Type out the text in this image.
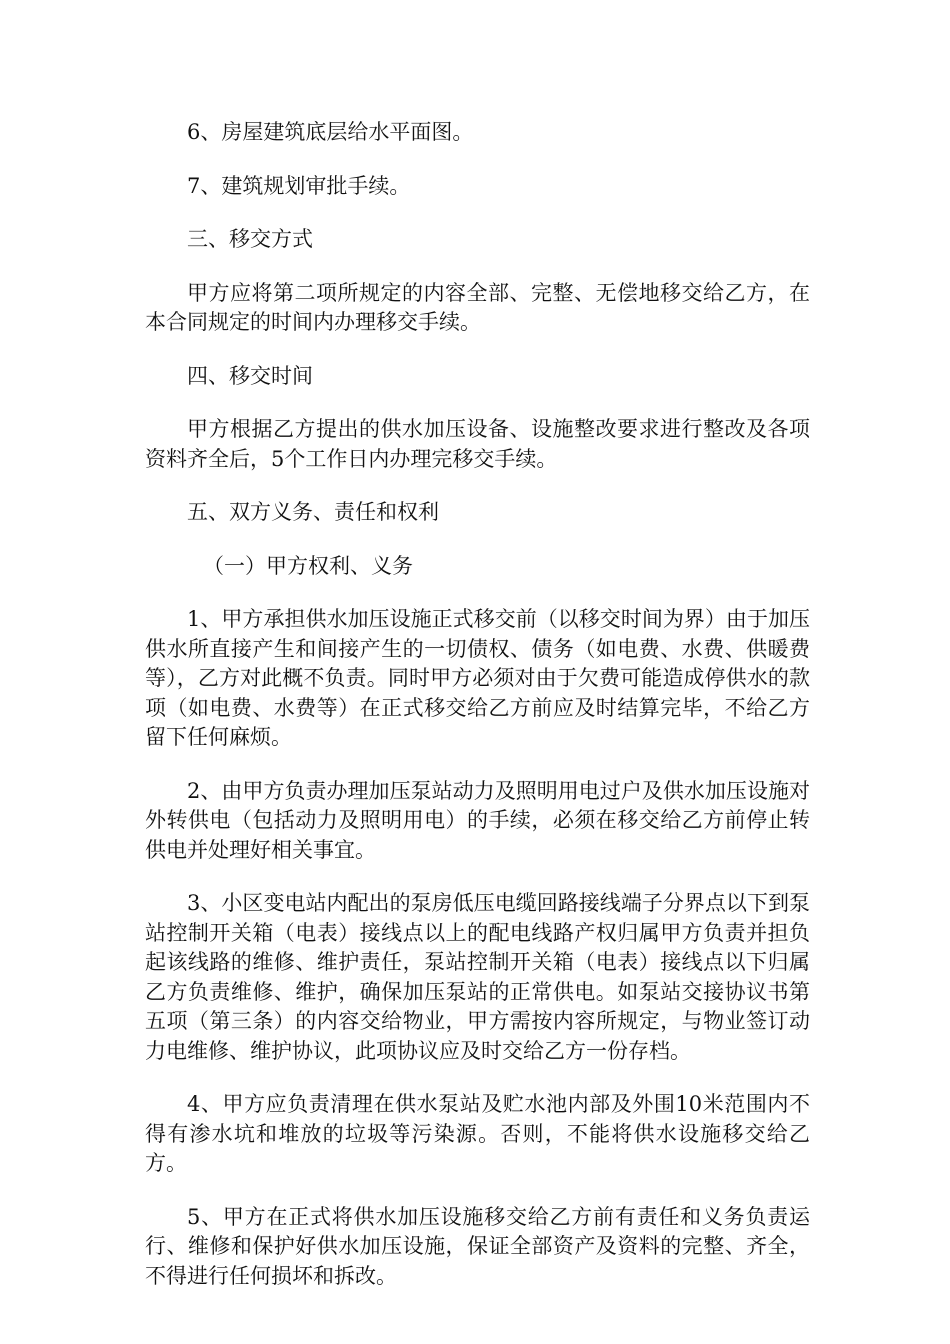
6、房屋建筑底层给水平面图。

7、建筑规划审批手续。

三、移交方式

甲方应将第二项所规定的内容全部、完整、无偿地移交给乙方，在本合同规定的时间内办理移交手续。

四、移交时间

甲方根据乙方提出的供水加压设备、设施整改要求进行整改及各项资料齐全后，5个工作日内办理完移交手续。

五、双方义务、责任和权利

（一）甲方权利、义务

1、甲方承担供水加压设施正式移交前（以移交时间为界）由于加压供水所直接产生和间接产生的一切债权、债务（如电费、水费、供暖费等），乙方对此概不负责。同时甲方必须对由于欠费可能造成停供水的款项（如电费、水费等）在正式移交给乙方前应及时结算完毕，不给乙方留下任何麻烦。

2、由甲方负责办理加压泵站动力及照明用电过户及供水加压设施对外转供电（包括动力及照明用电）的手续，必须在移交给乙方前停止转供电并处理好相关事宜。

3、小区变电站内配出的泵房低压电缆回路接线端子分界点以下到泵站控制开关箱（电表）接线点以上的配电线路产权归属甲方负责并担负起该线路的维修、维护责任，泵站控制开关箱（电表）接线点以下归属乙方负责维修、维护，确保加压泵站的正常供电。如泵站交接协议书第五项（第三条）的内容交给物业，甲方需按内容所规定，与物业签订动力电维修、维护协议，此项协议应及时交给乙方一份存档。

4、甲方应负责清理在供水泵站及贮水池内部及外围10米范围内不得有渗水坑和堆放的垃圾等污染源。否则，不能将供水设施移交给乙方。

5、甲方在正式将供水加压设施移交给乙方前有责任和义务负责运行、维修和保护好供水加压设施，保证全部资产及资料的完整、齐全，不得进行任何损坏和拆改。
